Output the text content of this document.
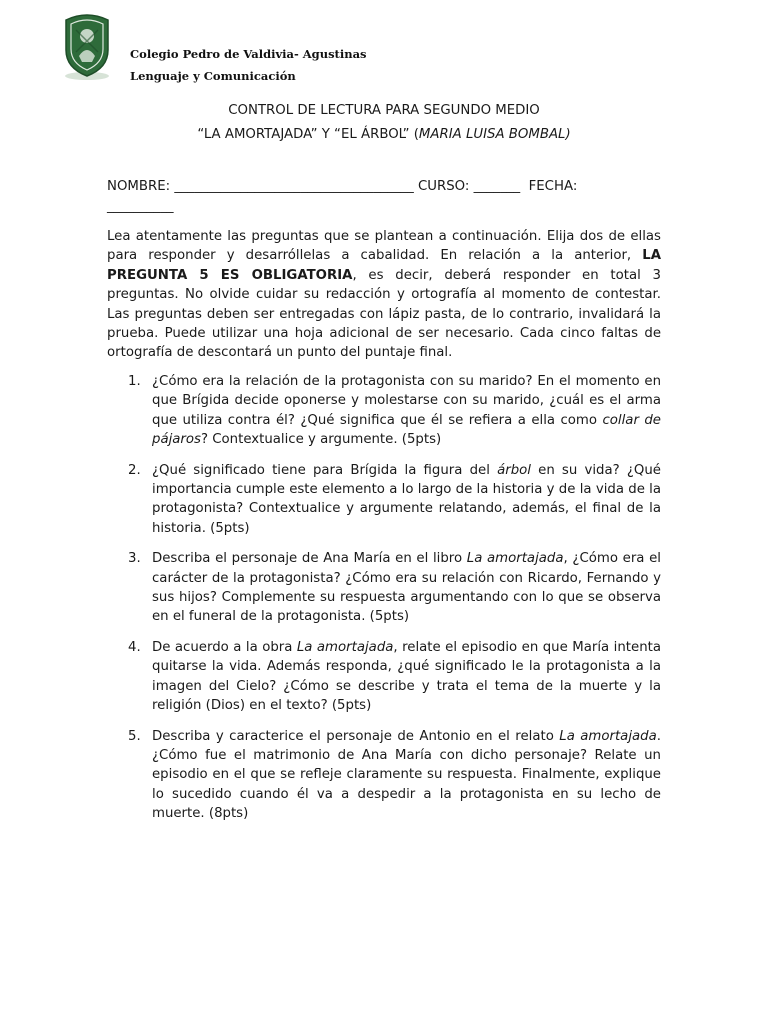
Colegio Pedro de Valdivia- Agustinas
Lenguaje y Comunicación
CONTROL DE LECTURA PARA SEGUNDO MEDIO
“LA AMORTAJADA” Y “EL ÁRBOL” (MARIA LUISA BOMBAL)
NOMBRE: ____________________________________ CURSO: _______ FECHA:
__________
Lea atentamente las preguntas que se plantean a continuación. Elija dos de ellas para responder y desarróllelas a cabalidad. En relación a la anterior, LA PREGUNTA 5 ES OBLIGATORIA, es decir, deberá responder en total 3 preguntas. No olvide cuidar su redacción y ortografía al momento de contestar. Las preguntas deben ser entregadas con lápiz pasta, de lo contrario, invalidará la prueba. Puede utilizar una hoja adicional de ser necesario. Cada cinco faltas de ortografía de descontará un punto del puntaje final.
1. ¿Cómo era la relación de la protagonista con su marido? En el momento en que Brígida decide oponerse y molestarse con su marido, ¿cuál es el arma que utiliza contra él? ¿Qué significa que él se refiera a ella como collar de pájaros? Contextualice y argumente. (5pts)
2. ¿Qué significado tiene para Brígida la figura del árbol en su vida? ¿Qué importancia cumple este elemento a lo largo de la historia y de la vida de la protagonista? Contextualice y argumente relatando, además, el final de la historia. (5pts)
3. Describa el personaje de Ana María en el libro La amortajada, ¿Cómo era el carácter de la protagonista? ¿Cómo era su relación con Ricardo, Fernando y sus hijos? Complemente su respuesta argumentando con lo que se observa en el funeral de la protagonista. (5pts)
4. De acuerdo a la obra La amortajada, relate el episodio en que María intenta quitarse la vida. Además responda, ¿qué significado le la protagonista a la imagen del Cielo? ¿Cómo se describe y trata el tema de la muerte y la religión (Dios) en el texto? (5pts)
5. Describa y caracterice el personaje de Antonio en el relato La amortajada. ¿Cómo fue el matrimonio de Ana María con dicho personaje? Relate un episodio en el que se refleje claramente su respuesta. Finalmente, explique lo sucedido cuando él va a despedir a la protagonista en su lecho de muerte. (8pts)
